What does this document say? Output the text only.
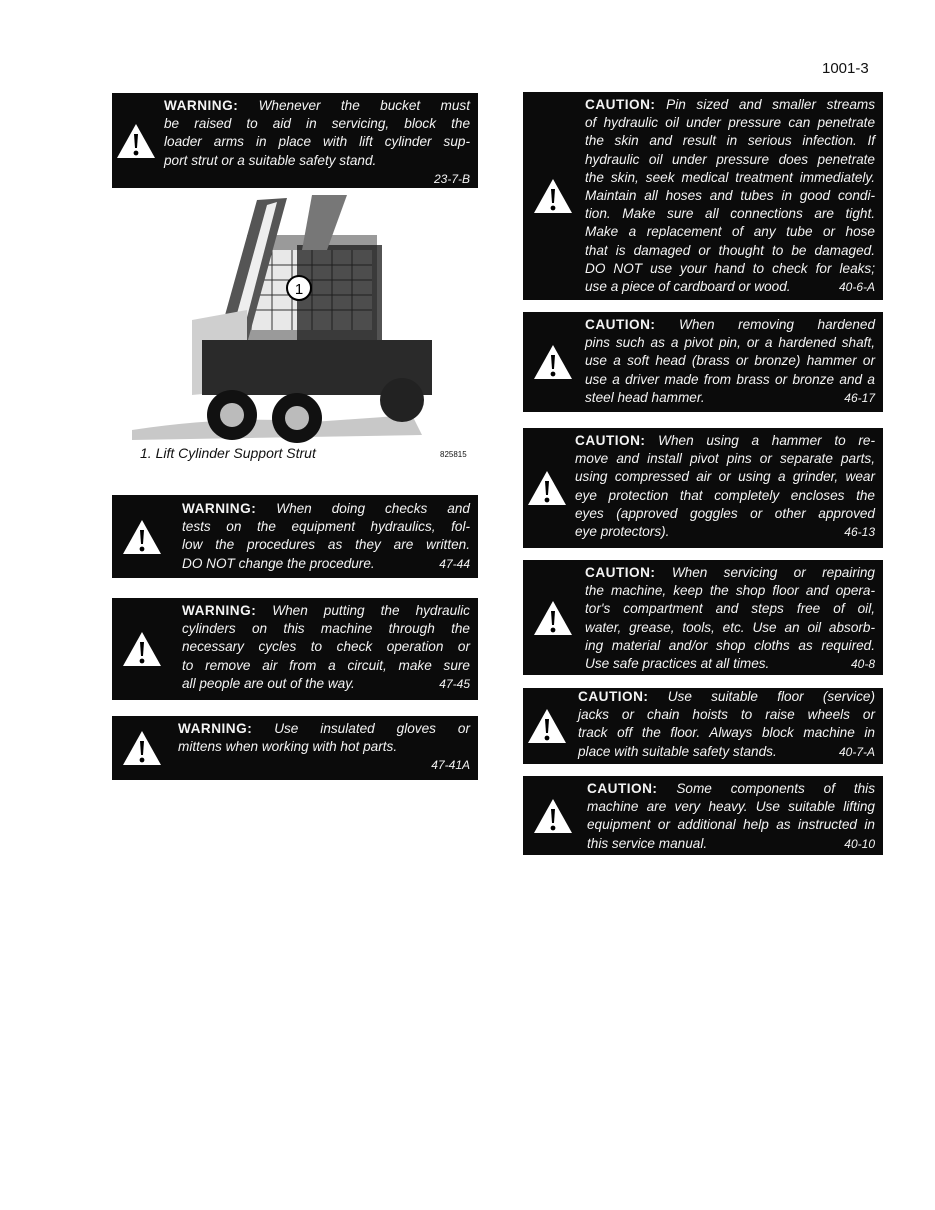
1001-3
WARNING: Whenever the bucket must
be raised to aid in servicing, block the
loader arms in place with lift cylinder sup-
port strut or a suitable safety stand.
23-7-B
WARNING: When doing checks and
tests on the equipment hydraulics, fol-
low the procedures as they are written.
DO NOT change the procedure.	47-44
WARNING: When putting the hydraulic
cylinders on this machine through the
necessary cycles to check operation or
to remove air from a circuit, make sure
all people are out of the way.	47-45
WARNING: Use insulated gloves or
mittens when working with hot parts.
47-41A
CAUTION: Pin sized and smaller streams
of hydraulic oil under pressure can penetrate
the skin and result in serious infection. If
hydraulic oil under pressure does penetrate
the skin, seek medical treatment immediately.
Maintain all hoses and tubes in good condi-
tion. Make sure all connections are tight.
Make a replacement of any tube or hose
that is damaged or thought to be damaged.
DO NOT use your hand to check for leaks;
use a piece of cardboard or wood.	40-6-A
CAUTION: When removing hardened
pins such as a pivot pin, or a hardened shaft,
use a soft head (brass or bronze) hammer or
use a driver made from brass or bronze and a
steel head hammer.	46-17
CAUTION: When using a hammer to re-
move and install pivot pins or separate parts,
using compressed air or using a grinder, wear
eye protection that completely encloses the
eyes (approved goggles or other approved
eye protectors).	46-13
CAUTION: When servicing or repairing
the machine, keep the shop floor and opera-
tor's compartment and steps free of oil,
water, grease, tools, etc. Use an oil absorb-
ing material and/or shop cloths as required.
Use safe practices at all times.	40-8
CAUTION: Use suitable floor (service)
jacks or chain hoists to raise wheels or
track off the floor. Always block machine in
place with suitable safety stands.	40-7-A
CAUTION: Some components of this
machine are very heavy. Use suitable lifting
equipment or additional help as instructed in
this service manual.	40-10
1
1. Lift Cylinder Support Strut	825815
